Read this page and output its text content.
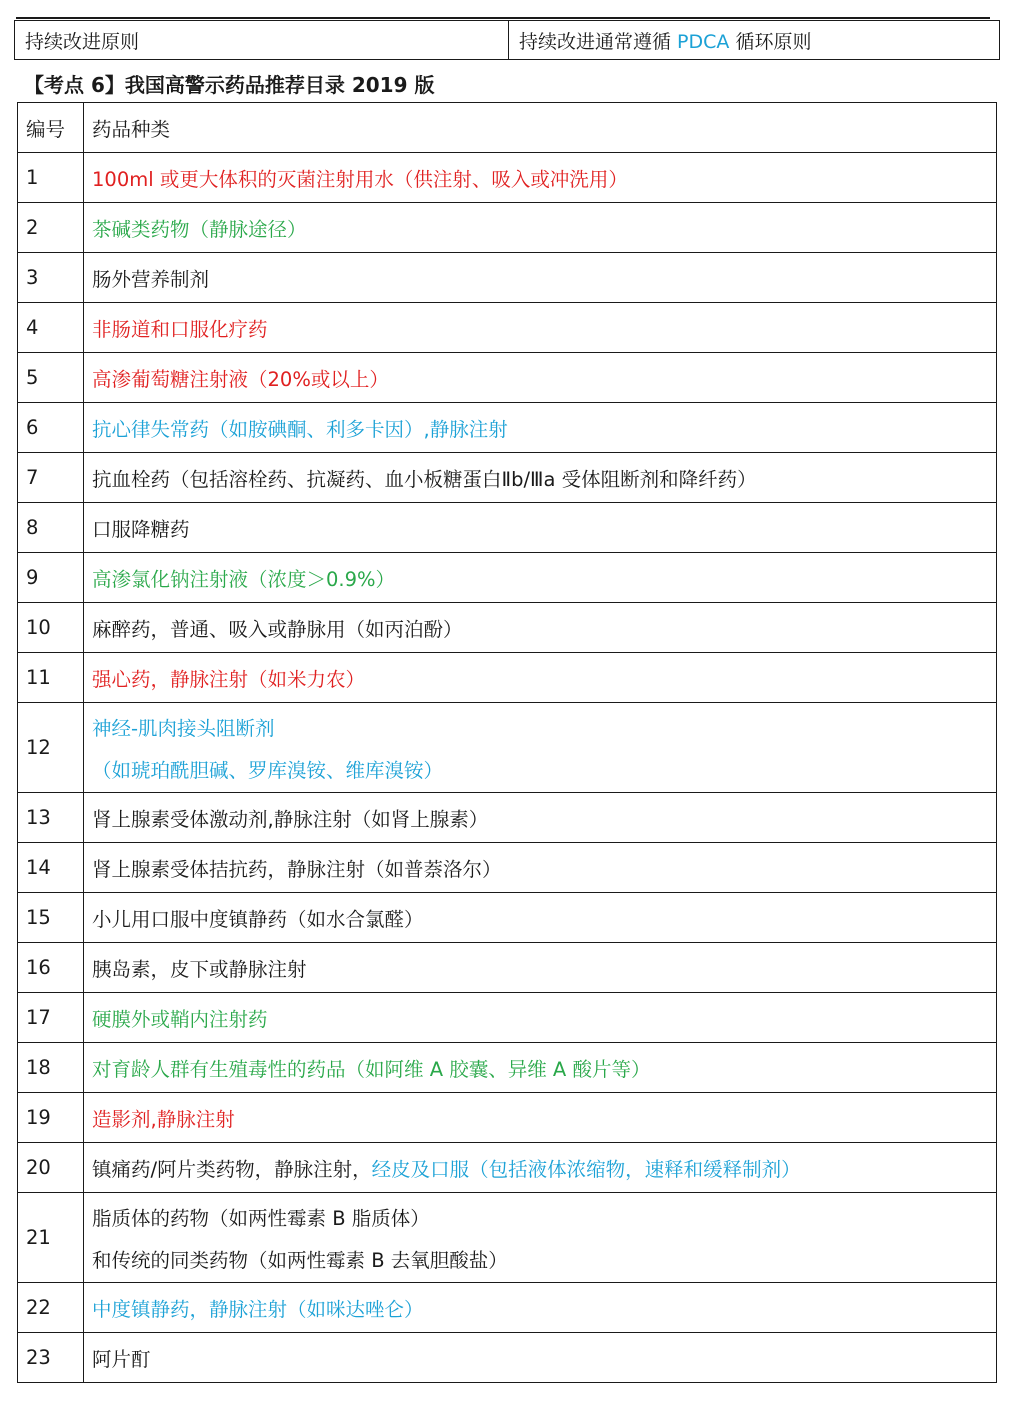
持续改进原则	持续改进通常遵循 PDCA 循环原则
【考点 6】我国高警示药品推荐目录 2019 版
编号	药品种类
1	100ml 或更大体积的灭菌注射用水（供注射、吸入或冲洗用）
2	茶碱类药物（静脉途径）
3	肠外营养制剂
4	非肠道和口服化疗药
5	高渗葡萄糖注射液（20%或以上）
6	抗心律失常药（如胺碘酮、利多卡因）,静脉注射
7	抗血栓药（包括溶栓药、抗凝药、血小板糖蛋白Ⅱb/Ⅲa 受体阻断剂和降纤药）
8	口服降糖药
9	高渗氯化钠注射液（浓度＞0.9%）
10	麻醉药，普通、吸入或静脉用（如丙泊酚）
11	强心药，静脉注射（如米力农）
12	神经-肌肉接头阻断剂
（如琥珀酰胆碱、罗库溴铵、维库溴铵）

13	肾上腺素受体激动剂,静脉注射（如肾上腺素）
14	肾上腺素受体拮抗药，静脉注射（如普萘洛尔）
15	小儿用口服中度镇静药（如水合氯醛）
16	胰岛素，皮下或静脉注射
17	硬膜外或鞘内注射药
18	对育龄人群有生殖毒性的药品（如阿维 A 胶囊、异维 A 酸片等）
19	造影剂,静脉注射
20	镇痛药/阿片类药物，静脉注射，经皮及口服（包括液体浓缩物，速释和缓释制剂）
21	脂质体的药物（如两性霉素 B 脂质体）
和传统的同类药物（如两性霉素 B 去氧胆酸盐）

22	中度镇静药，静脉注射（如咪达唑仑）
23	阿片酊
